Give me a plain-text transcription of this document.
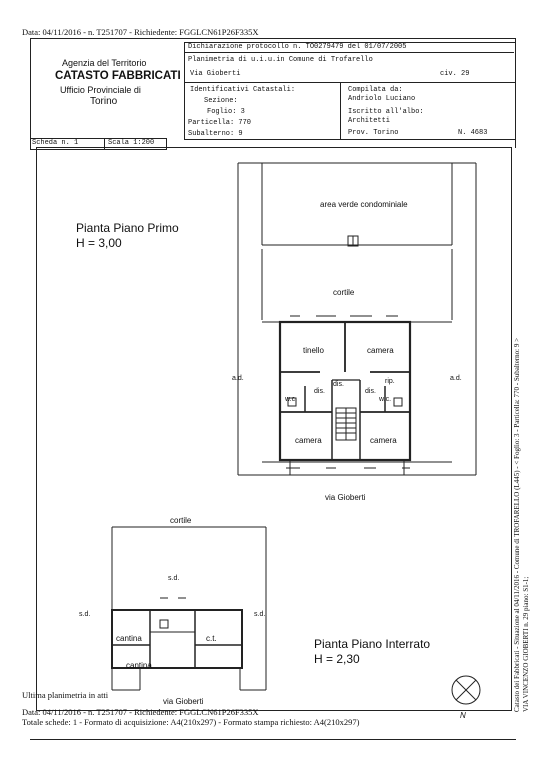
Data: 04/11/2016 - n. T251707 - Richiedente: FGGLCN61P26F335X
Agenzia del Territorio
CATASTO FABBRICATI
Ufficio Provinciale di
Torino
Dichiarazione protocollo n. TO0279479 del 01/07/2005
Planimetria di u.i.u.in Comune di Trofarello
Via Gioberti	civ. 29
Identificativi Catastali:
Sezione:
Foglio: 3
Particella: 770
Subalterno: 9
Compilata da:
Andriolo Luciano
Iscritto all'albo:
Architetti
Prov. Torino	N. 4683
Scheda n. 1	Scala 1:200
Pianta Piano Primo
H = 3,00
area verde condominiale
cortile
tinello	camera
camera	camera
dis.
dis.	dis.
rip.
w.c.	w.c.
a.d.	a.d.
via Gioberti
cortile
s.d.
s.d.	s.d.
cantina
cantina
c.t.	Pianta Piano Interrato
H = 2,30
via Gioberti
N
Catasto dei Fabbricati - Situazione al 04/11/2016 - Comune di TROFARELLO (L445) - < Foglio: 3 - Particella: 770 - Subalterno: 9 > VIA VINCENZO GIOBERTI n. 29 piano: S1-1;
Ultima planimetria in atti
Data: 04/11/2016 - n. T251707 - Richiedente: FGGLCN61P26F335X
Totale schede: 1 - Formato di acquisizione: A4(210x297) - Formato stampa richiesto: A4(210x297)
